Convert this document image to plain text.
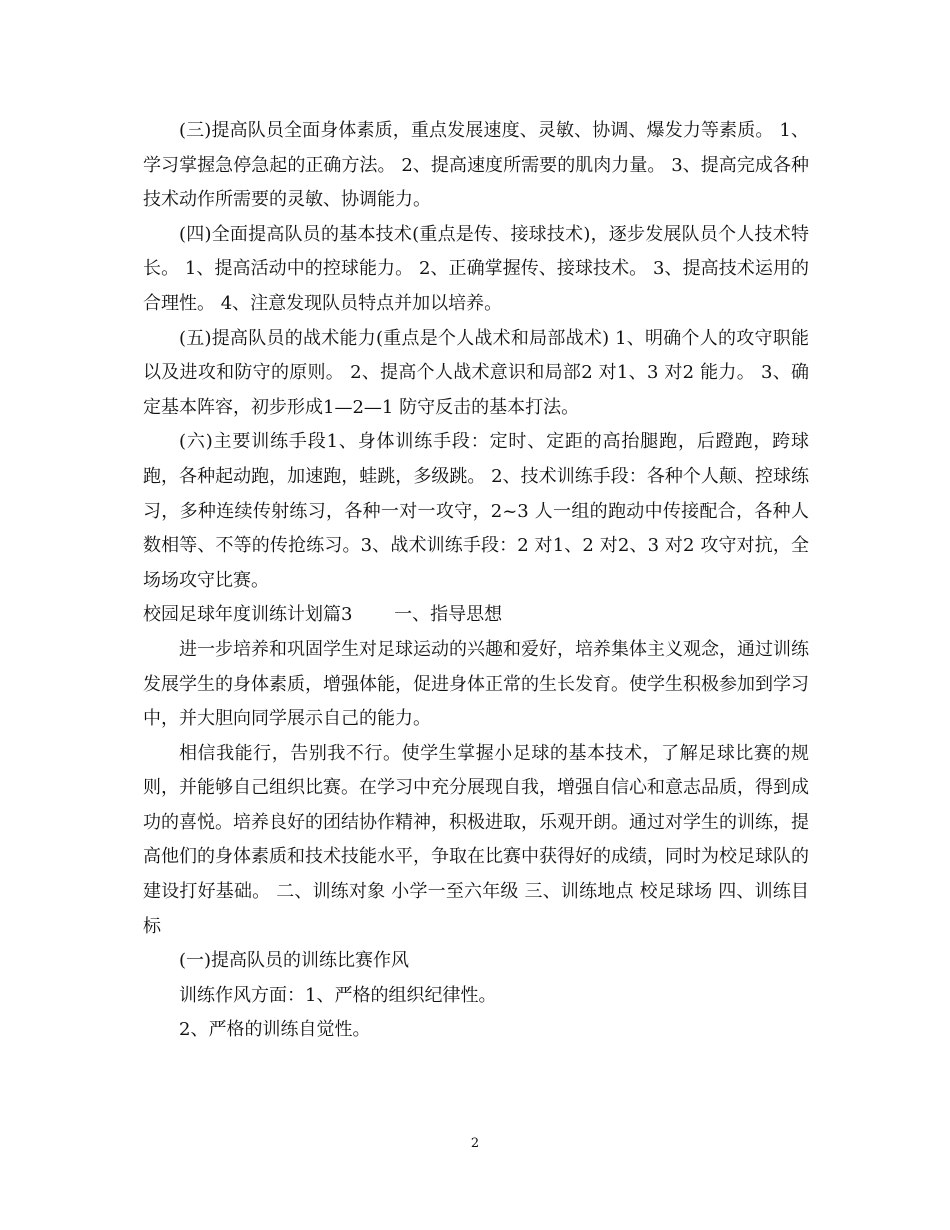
(三)提高队员全面身体素质，重点发展速度、灵敏、协调、爆发力等素质。 1、学习掌握急停急起的正确方法。 2、提高速度所需要的肌肉力量。 3、提高完成各种技术动作所需要的灵敏、协调能力。

(四)全面提高队员的基本技术(重点是传、接球技术)，逐步发展队员个人技术特长。 1、提高活动中的控球能力。 2、正确掌握传、接球技术。 3、提高技术运用的合理性。 4、注意发现队员特点并加以培养。

(五)提高队员的战术能力(重点是个人战术和局部战术) 1、明确个人的攻守职能以及进攻和防守的原则。 2、提高个人战术意识和局部2 对1、3 对2 能力。 3、确定基本阵容，初步形成1—2—1 防守反击的基本打法。

(六)主要训练手段1、身体训练手段：定时、定距的高抬腿跑，后蹬跑，跨球跑，各种起动跑，加速跑，蛙跳，多级跳。 2、技术训练手段：各种个人颠、控球练习，多种连续传射练习，各种一对一攻守，2~3 人一组的跑动中传接配合，各种人数相等、不等的传抢练习。3、战术训练手段：2 对1、2 对2、3 对2 攻守对抗，全场场攻守比赛。

校园足球年度训练计划篇3 　　一、指导思想

进一步培养和巩固学生对足球运动的兴趣和爱好，培养集体主义观念，通过训练发展学生的身体素质，增强体能，促进身体正常的生长发育。使学生积极参加到学习中，并大胆向同学展示自己的能力。

相信我能行，告别我不行。使学生掌握小足球的基本技术，了解足球比赛的规则，并能够自己组织比赛。在学习中充分展现自我，增强自信心和意志品质，得到成功的喜悦。培养良好的团结协作精神，积极进取，乐观开朗。通过对学生的训练，提高他们的身体素质和技术技能水平，争取在比赛中获得好的成绩，同时为校足球队的建设打好基础。 二、训练对象 小学一至六年级 三、训练地点 校足球场 四、训练目标

(一)提高队员的训练比赛作风

训练作风方面：1、严格的组织纪律性。

2、严格的训练自觉性。

2
